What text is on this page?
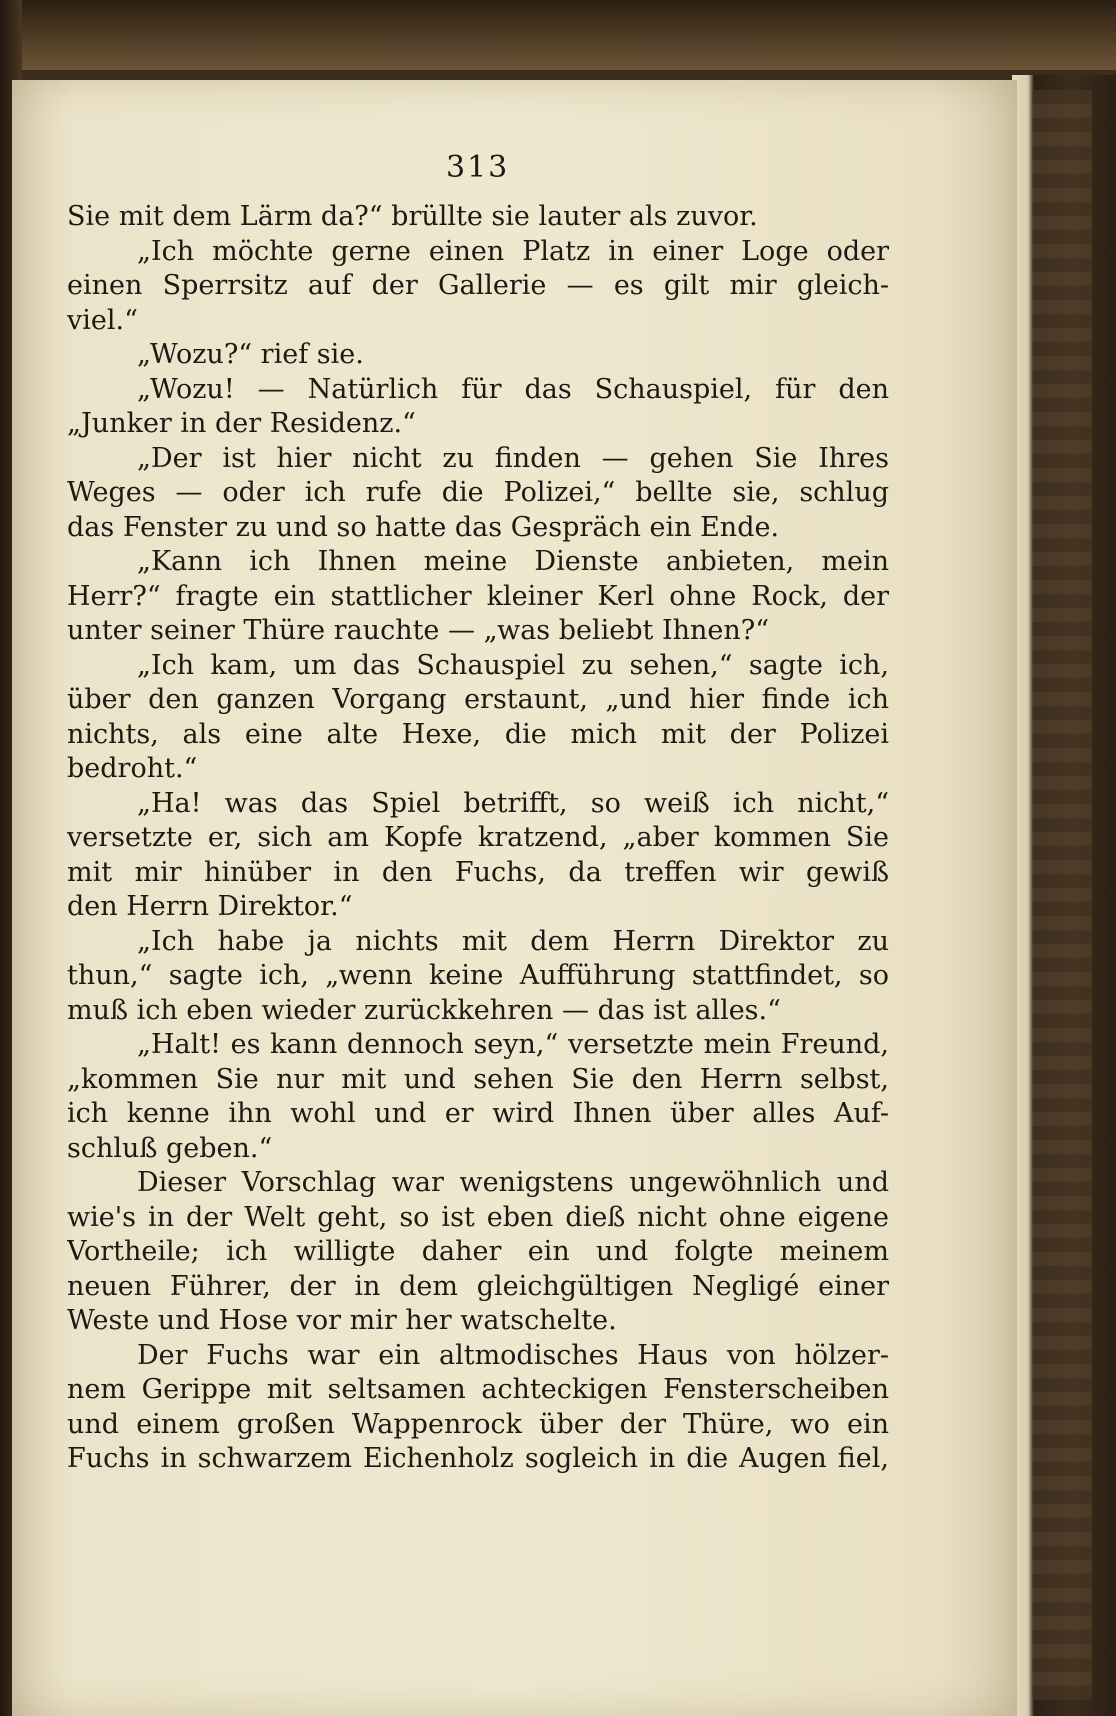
313
Sie mit dem Lärm da?“ brüllte sie lauter als zuvor.
„Ich möchte gerne einen Platz in einer Loge oder
einen Sperrsitz auf der Gallerie — es gilt mir gleich-
viel.“
„Wozu?“ rief sie.
„Wozu! — Natürlich für das Schauspiel, für den
„Junker in der Residenz.“
„Der ist hier nicht zu finden — gehen Sie Ihres
Weges — oder ich rufe die Polizei,“ bellte sie, schlug
das Fenster zu und so hatte das Gespräch ein Ende.
„Kann ich Ihnen meine Dienste anbieten, mein
Herr?“ fragte ein stattlicher kleiner Kerl ohne Rock, der
unter seiner Thüre rauchte — „was beliebt Ihnen?“
„Ich kam, um das Schauspiel zu sehen,“ sagte ich,
über den ganzen Vorgang erstaunt, „und hier finde ich
nichts, als eine alte Hexe, die mich mit der Polizei
bedroht.“
„Ha! was das Spiel betrifft, so weiß ich nicht,“
versetzte er, sich am Kopfe kratzend, „aber kommen Sie
mit mir hinüber in den Fuchs, da treffen wir gewiß
den Herrn Direktor.“
„Ich habe ja nichts mit dem Herrn Direktor zu
thun,“ sagte ich, „wenn keine Aufführung stattfindet, so
muß ich eben wieder zurückkehren — das ist alles.“
„Halt! es kann dennoch seyn,“ versetzte mein Freund,
„kommen Sie nur mit und sehen Sie den Herrn selbst,
ich kenne ihn wohl und er wird Ihnen über alles Auf-
schluß geben.“
Dieser Vorschlag war wenigstens ungewöhnlich und
wie's in der Welt geht, so ist eben dieß nicht ohne eigene
Vortheile; ich willigte daher ein und folgte meinem
neuen Führer, der in dem gleichgültigen Negligé einer
Weste und Hose vor mir her watschelte.
Der Fuchs war ein altmodisches Haus von hölzer-
nem Gerippe mit seltsamen achteckigen Fensterscheiben
und einem großen Wappenrock über der Thüre, wo ein
Fuchs in schwarzem Eichenholz sogleich in die Augen fiel,
